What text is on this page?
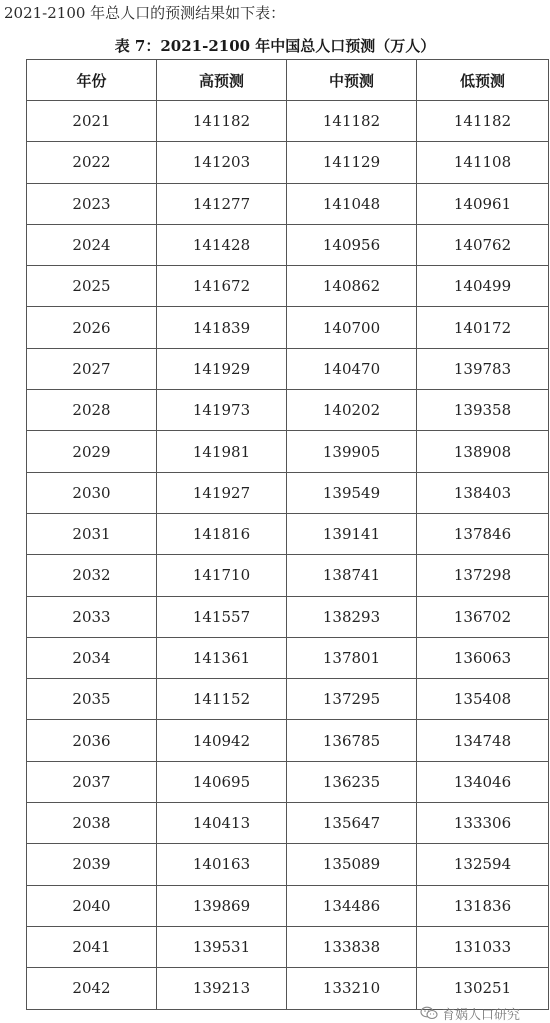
2021-2100 年总人口的预测结果如下表：
表 7：2021-2100 年中国总人口预测（万人）
年份	高预测	中预测	低预测
2021	141182	141182	141182
2022	141203	141129	141108
2023	141277	141048	140961
2024	141428	140956	140762
2025	141672	140862	140499
2026	141839	140700	140172
2027	141929	140470	139783
2028	141973	140202	139358
2029	141981	139905	138908
2030	141927	139549	138403
2031	141816	139141	137846
2032	141710	138741	137298
2033	141557	138293	136702
2034	141361	137801	136063
2035	141152	137295	135408
2036	140942	136785	134748
2037	140695	136235	134046
2038	140413	135647	133306
2039	140163	135089	132594
2040	139869	134486	131836
2041	139531	133838	131033
2042	139213	133210	130251
育娲人口研究
